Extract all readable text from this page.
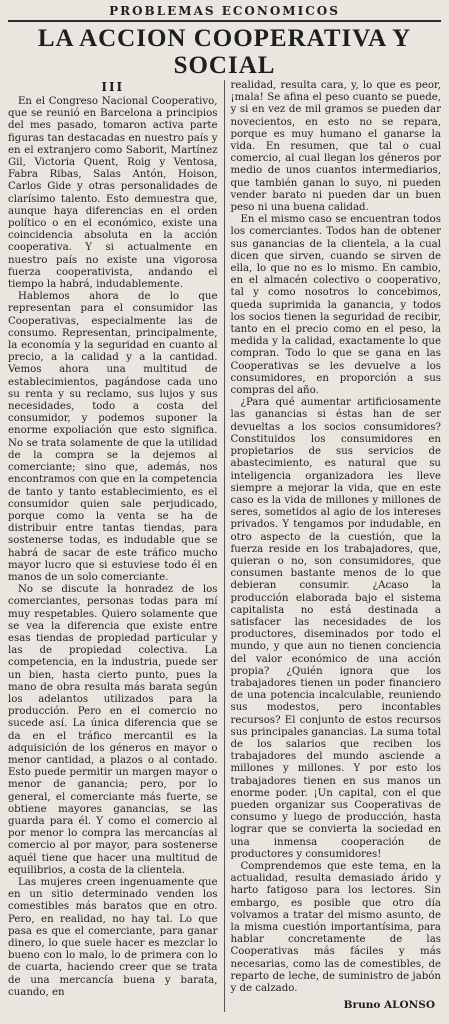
PROBLEMAS ECONOMICOS
LA ACCION COOPERATIVA Y
SOCIAL
III

En el Congreso Nacional Cooperativo, que se reunió en Barcelona a principios del mes pasado, tomaron activa parte figuras tan destacadas en nuestro país y en el extranjero como Saborit, Martínez Gil, Victoria Quent, Roig y Ventosa, Fabra Ribas, Salas Antón, Hoison, Carlos Gide y otras personalidades de clarísimo talento. Esto demuestra que, aunque haya diferencias en el orden político o en el económico, existe una coincidencia absoluta en la acción cooperativa. Y si actualmente en nuestro país no existe una vigorosa fuerza cooperativista, andando el tiempo la habrá, indudablemente.

Hablemos ahora de lo que representan para el consumidor las Cooperativas, especialmente las de consumo. Representan, principalmente, la economía y la seguridad en cuanto al precio, a la calidad y a la cantidad. Vemos ahora una multitud de establecimientos, pagándose cada uno su renta y su reclamo, sus lujos y sus necesidades, todo a costa del consumidor, y podemos suponer la enorme expoliación que esto significa. No se trata solamente de que la utilidad de la compra se la dejemos al comerciante; sino que, además, nos encontramos con que en la competencia de tanto y tanto establecimiento, es el consumidor quien sale perjudicado, porque como la venta se ha de distribuir entre tantas tiendas, para sostenerse todas, es indudable que se habrá de sacar de este tráfico mucho mayor lucro que si estuviese todo él en manos de un solo comerciante.

No se discute la honradez de los comerciantes, personas todas para mí muy respetables. Quiero solamente que se vea la diferencia que existe entre esas tiendas de propiedad particular y las de propiedad colectiva. La competencia, en la industria, puede ser un bien, hasta cierto punto, pues la mano de obra resulta más barata según los adelantos utilizados para la producción. Pero en el comercio no sucede así. La única diferencia que se da en el tráfico mercantil es la adquisición de los géneros en mayor o menor cantidad, a plazos o al contado. Esto puede permitir un margen mayor o menor de ganancia; pero, por lo general, el comerciante más fuerte, se obtiene mayores ganancias, se las guarda para él. Y como el comercio al por menor lo compra las mercancías al comercio al por mayor, para sostenerse aquél tiene que hacer una multitud de equilibrios, a costa de la clientela.

Las mujeres creen ingenuamente que en un sitio determinado venden los comestibles más baratos que en otro. Pero, en realidad, no hay tal. Lo que pasa es que el comerciante, para ganar dinero, lo que suele hacer es mezclar lo bueno con lo malo, lo de primera con lo de cuarta, haciendo creer que se trata de una mercancía buena y barata, cuando, en

realidad, resulta cara, y, lo que es peor, ¡mala! Se afina el peso cuanto se puede, y si en vez de mil gramos se pueden dar novecientos, en esto no se repara, porque es muy humano el ganarse la vida. En resumen, que tal o cual comercio, al cual llegan los géneros por medio de unos cuantos intermediarios, que también ganan lo suyo, ni pueden vender barato ni pueden dar un buen peso ni una buena calidad.

En el mismo caso se encuentran todos los comerciantes. Todos han de obtener sus ganancias de la clientela, a la cual dicen que sirven, cuando se sirven de ella, lo que no es lo mismo. En cambio, en el almacén colectivo o cooperativo, tal y como nosotros lo concebimos, queda suprimida la ganancia, y todos los socios tienen la seguridad de recibir, tanto en el precio como en el peso, la medida y la calidad, exactamente lo que compran. Todo lo que se gana en las Cooperativas se les devuelve a los consumidores, en proporción a sus compras del año.

¿Para qué aumentar artificiosamente las ganancias si éstas han de ser devueltas a los socios consumidores? Constituidos los consumidores en propietarios de sus servicios de abastecimiento, es natural que su inteligencia organizadora les lleve siempre a mejorar la vida, que en este caso es la vida de millones y millones de seres, sometidos al agio de los intereses privados. Y tengamos por indudable, en otro aspecto de la cuestión, que la fuerza reside en los trabajadores, que, quieran o no, son consumidores, que consumen bastante menos de lo que debieran consumir. ¿Acaso la producción elaborada bajo el sistema capitalista no está destinada a satisfacer las necesidades de los productores, diseminados por todo el mundo, y que aun no tienen conciencia del valor económico de una acción propia? ¿Quién ignora que los trabajadores tienen un poder financiero de una potencia incalculable, reuniendo sus modestos, pero incontables recursos? El conjunto de estos recursos sus principales ganancias. La suma total de los salarios que reciben los trabajadores del mundo asciende a millones y millones. Y por esto los trabajadores tienen en sus manos un enorme poder. ¡Un capital, con el que pueden organizar sus Cooperativas de consumo y luego de producción, hasta lograr que se convierta la sociedad en una inmensa cooperación de productores y consumidores!

Comprendemos que este tema, en la actualidad, resulta demasiado árido y harto fatigoso para los lectores. Sin embargo, es posible que otro día volvamos a tratar del mismo asunto, de la misma cuestión importantísima, para hablar concretamente de las Cooperativas más fáciles y más necesarias, como las de comestibles, de reparto de leche, de suministro de jabón y de calzado.

Bruno ALONSO
